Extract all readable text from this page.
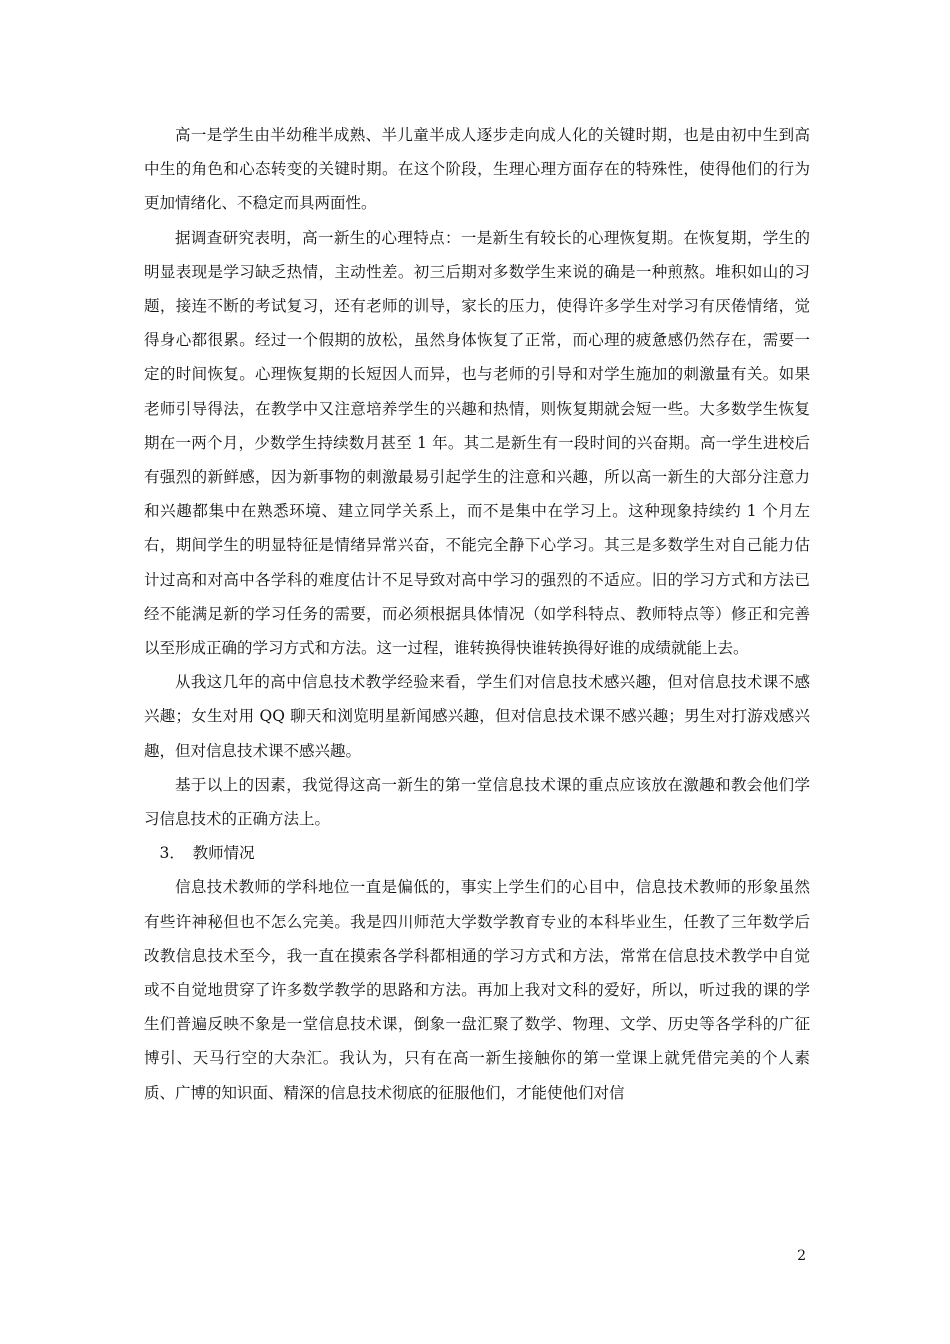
高一是学生由半幼稚半成熟、半儿童半成人逐步走向成人化的关键时期，也是由初中生到高中生的角色和心态转变的关键时期。在这个阶段，生理心理方面存在的特殊性，使得他们的行为更加情绪化、不稳定而具两面性。

据调查研究表明，高一新生的心理特点：一是新生有较长的心理恢复期。在恢复期，学生的明显表现是学习缺乏热情，主动性差。初三后期对多数学生来说的确是一种煎熬。堆积如山的习题，接连不断的考试复习，还有老师的训导，家长的压力，使得许多学生对学习有厌倦情绪，觉得身心都很累。经过一个假期的放松，虽然身体恢复了正常，而心理的疲惫感仍然存在，需要一定的时间恢复。心理恢复期的长短因人而异，也与老师的引导和对学生施加的刺激量有关。如果老师引导得法，在教学中又注意培养学生的兴趣和热情，则恢复期就会短一些。大多数学生恢复期在一两个月，少数学生持续数月甚至 1 年。其二是新生有一段时间的兴奋期。高一学生进校后有强烈的新鲜感，因为新事物的刺激最易引起学生的注意和兴趣，所以高一新生的大部分注意力和兴趣都集中在熟悉环境、建立同学关系上，而不是集中在学习上。这种现象持续约 1 个月左右，期间学生的明显特征是情绪异常兴奋，不能完全静下心学习。其三是多数学生对自己能力估计过高和对高中各学科的难度估计不足导致对高中学习的强烈的不适应。旧的学习方式和方法已经不能满足新的学习任务的需要，而必须根据具体情况（如学科特点、教师特点等）修正和完善以至形成正确的学习方式和方法。这一过程，谁转换得快谁转换得好谁的成绩就能上去。

从我这几年的高中信息技术教学经验来看，学生们对信息技术感兴趣，但对信息技术课不感兴趣；女生对用 QQ 聊天和浏览明星新闻感兴趣，但对信息技术课不感兴趣；男生对打游戏感兴趣，但对信息技术课不感兴趣。

基于以上的因素，我觉得这高一新生的第一堂信息技术课的重点应该放在激趣和教会他们学习信息技术的正确方法上。

3．　教师情况

信息技术教师的学科地位一直是偏低的，事实上学生们的心目中，信息技术教师的形象虽然有些许神秘但也不怎么完美。我是四川师范大学数学教育专业的本科毕业生，任教了三年数学后改教信息技术至今，我一直在摸索各学科都相通的学习方式和方法，常常在信息技术教学中自觉或不自觉地贯穿了许多数学教学的思路和方法。再加上我对文科的爱好，所以，听过我的课的学生们普遍反映不象是一堂信息技术课，倒象一盘汇聚了数学、物理、文学、历史等各学科的广征博引、天马行空的大杂汇。我认为，只有在高一新生接触你的第一堂课上就凭借完美的个人素质、广博的知识面、精深的信息技术彻底的征服他们，才能使他们对信

2
